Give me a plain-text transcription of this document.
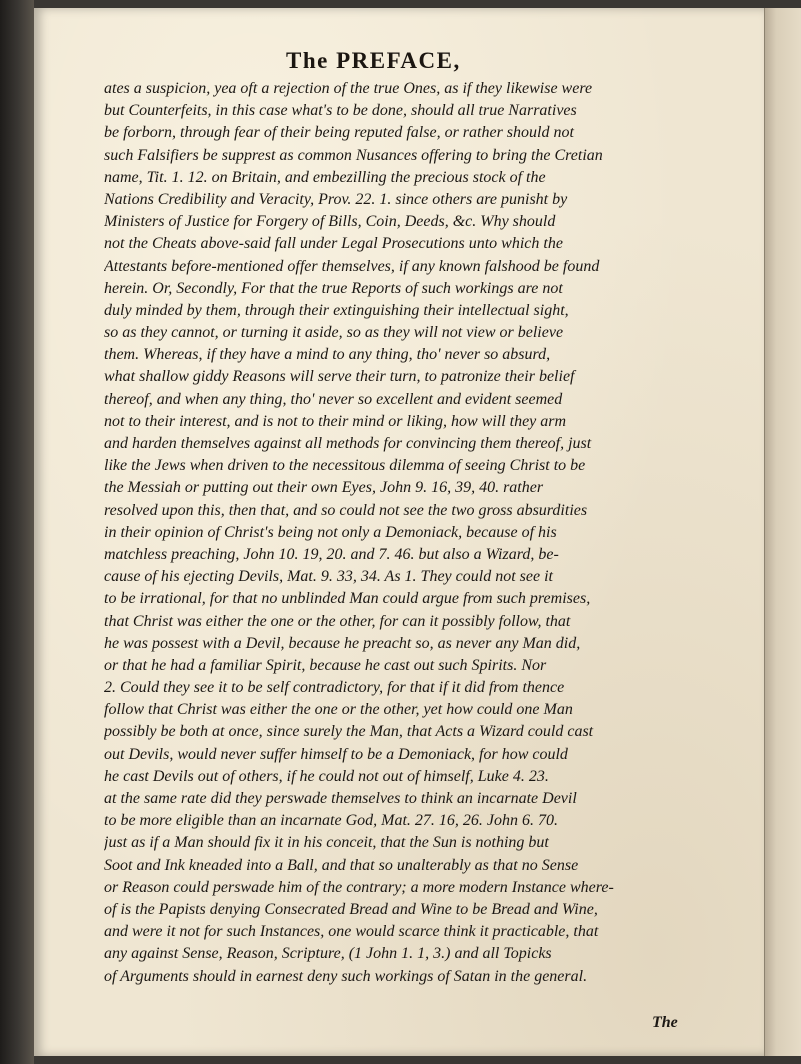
The PREFACE,
ates a suspicion, yea oft a rejection of the true Ones, as if they likewise were
but Counterfeits, in this case what's to be done, should all true Narratives
be forborn, through fear of their being reputed false, or rather should not
such Falsifiers be supprest as common Nusances offering to bring the Cretian
name, Tit. 1. 12. on Britain, and embezilling the precious stock of the
Nations Credibility and Veracity, Prov. 22. 1. since others are punisht by
Ministers of Justice for Forgery of Bills, Coin, Deeds, &c. Why should
not the Cheats above-said fall under Legal Prosecutions unto which the
Attestants before-mentioned offer themselves, if any known falshood be found
herein. Or, Secondly, For that the true Reports of such workings are not
duly minded by them, through their extinguishing their intellectual sight,
so as they cannot, or turning it aside, so as they will not view or believe
them. Whereas, if they have a mind to any thing, tho' never so absurd,
what shallow giddy Reasons will serve their turn, to patronize their belief
thereof, and when any thing, tho' never so excellent and evident seemed
not to their interest, and is not to their mind or liking, how will they arm
and harden themselves against all methods for convincing them thereof, just
like the Jews when driven to the necessitous dilemma of seeing Christ to be
the Messiah or putting out their own Eyes, John 9. 16, 39, 40. rather
resolved upon this, then that, and so could not see the two gross absurdities
in their opinion of Christ's being not only a Demoniack, because of his
matchless preaching, John 10. 19, 20. and 7. 46. but also a Wizard, be-
cause of his ejecting Devils, Mat. 9. 33, 34. As 1. They could not see it
to be irrational, for that no unblinded Man could argue from such premises,
that Christ was either the one or the other, for can it possibly follow, that
he was possest with a Devil, because he preacht so, as never any Man did,
or that he had a familiar Spirit, because he cast out such Spirits. Nor
2. Could they see it to be self contradictory, for that if it did from thence
follow that Christ was either the one or the other, yet how could one Man
possibly be both at once, since surely the Man, that Acts a Wizard could cast
out Devils, would never suffer himself to be a Demoniack, for how could
he cast Devils out of others, if he could not out of himself, Luke 4. 23.
at the same rate did they perswade themselves to think an incarnate Devil
to be more eligible than an incarnate God, Mat. 27. 16, 26. John 6. 70.
just as if a Man should fix it in his conceit, that the Sun is nothing but
Soot and Ink kneaded into a Ball, and that so unalterably as that no Sense
or Reason could perswade him of the contrary; a more modern Instance where-
of is the Papists denying Consecrated Bread and Wine to be Bread and Wine,
and were it not for such Instances, one would scarce think it practicable, that
any against Sense, Reason, Scripture, (1 John 1. 1, 3.) and all Topicks
of Arguments should in earnest deny such workings of Satan in the general.
The
